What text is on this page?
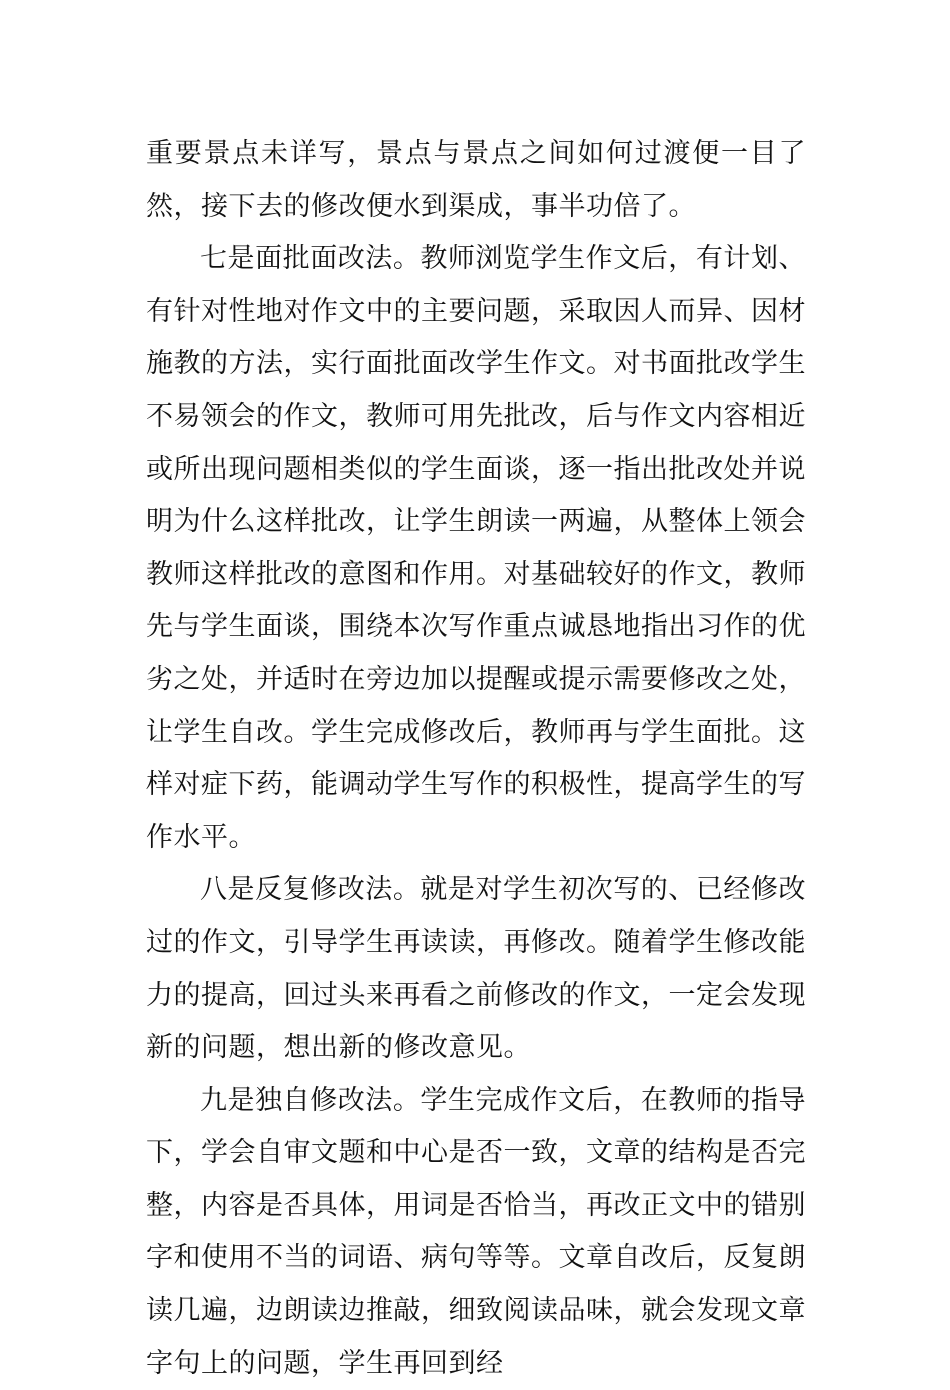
重要景点未详写，景点与景点之间如何过渡便一目了然，接下去的修改便水到渠成，事半功倍了。

七是面批面改法。教师浏览学生作文后，有计划、有针对性地对作文中的主要问题，采取因人而异、因材施教的方法，实行面批面改学生作文。对书面批改学生不易领会的作文，教师可用先批改，后与作文内容相近或所出现问题相类似的学生面谈，逐一指出批改处并说明为什么这样批改，让学生朗读一两遍，从整体上领会教师这样批改的意图和作用。对基础较好的作文，教师先与学生面谈，围绕本次写作重点诚恳地指出习作的优劣之处，并适时在旁边加以提醒或提示需要修改之处，让学生自改。学生完成修改后，教师再与学生面批。这样对症下药，能调动学生写作的积极性，提高学生的写作水平。

八是反复修改法。就是对学生初次写的、已经修改过的作文，引导学生再读读，再修改。随着学生修改能力的提高，回过头来再看之前修改的作文，一定会发现新的问题，想出新的修改意见。

九是独自修改法。学生完成作文后，在教师的指导下，学会自审文题和中心是否一致，文章的结构是否完整，内容是否具体，用词是否恰当，再改正文中的错别字和使用不当的词语、病句等等。文章自改后，反复朗读几遍，边朗读边推敲，细致阅读品味，就会发现文章字句上的问题，学生再回到经
